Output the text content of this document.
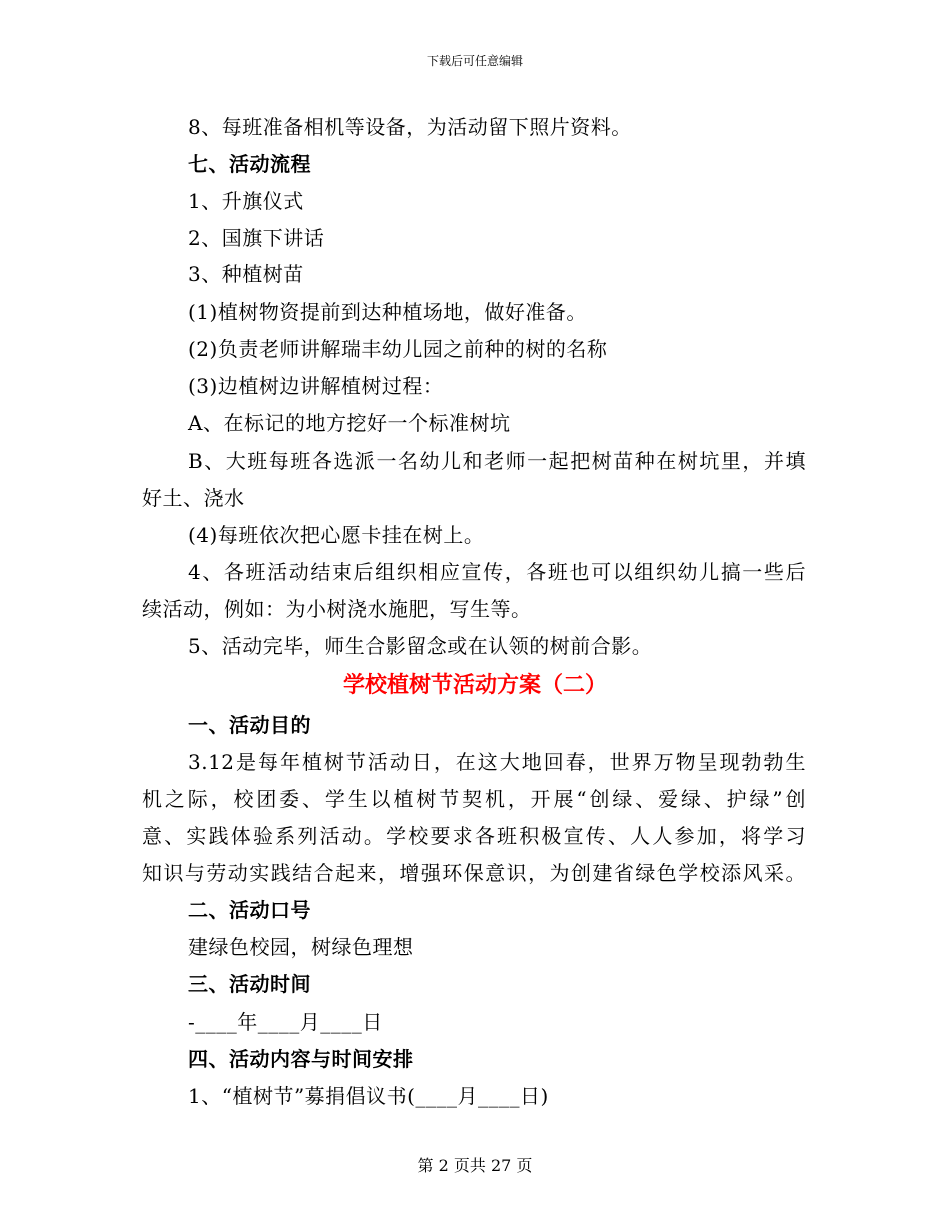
下载后可任意编辑
8、每班准备相机等设备，为活动留下照片资料。
七、活动流程
1、升旗仪式
2、国旗下讲话
3、种植树苗
(1)植树物资提前到达种植场地，做好准备。
(2)负责老师讲解瑞丰幼儿园之前种的树的名称
(3)边植树边讲解植树过程：
A、在标记的地方挖好一个标准树坑
B、大班每班各选派一名幼儿和老师一起把树苗种在树坑里，并填
好土、浇水
(4)每班依次把心愿卡挂在树上。
4、各班活动结束后组织相应宣传，各班也可以组织幼儿搞一些后
续活动，例如：为小树浇水施肥，写生等。
5、活动完毕，师生合影留念或在认领的树前合影。
学校植树节活动方案（二）
一、活动目的
3.12是每年植树节活动日，在这大地回春，世界万物呈现勃勃生
机之际，校团委、学生以植树节契机，开展“创绿、爱绿、护绿”创
意、实践体验系列活动。学校要求各班积极宣传、人人参加，将学习
知识与劳动实践结合起来，增强环保意识，为创建省绿色学校添风采。
二、活动口号
建绿色校园，树绿色理想
三、活动时间
-____年____月____日
四、活动内容与时间安排
1、“植树节”募捐倡议书(____月____日)
第 2 页共 27 页
